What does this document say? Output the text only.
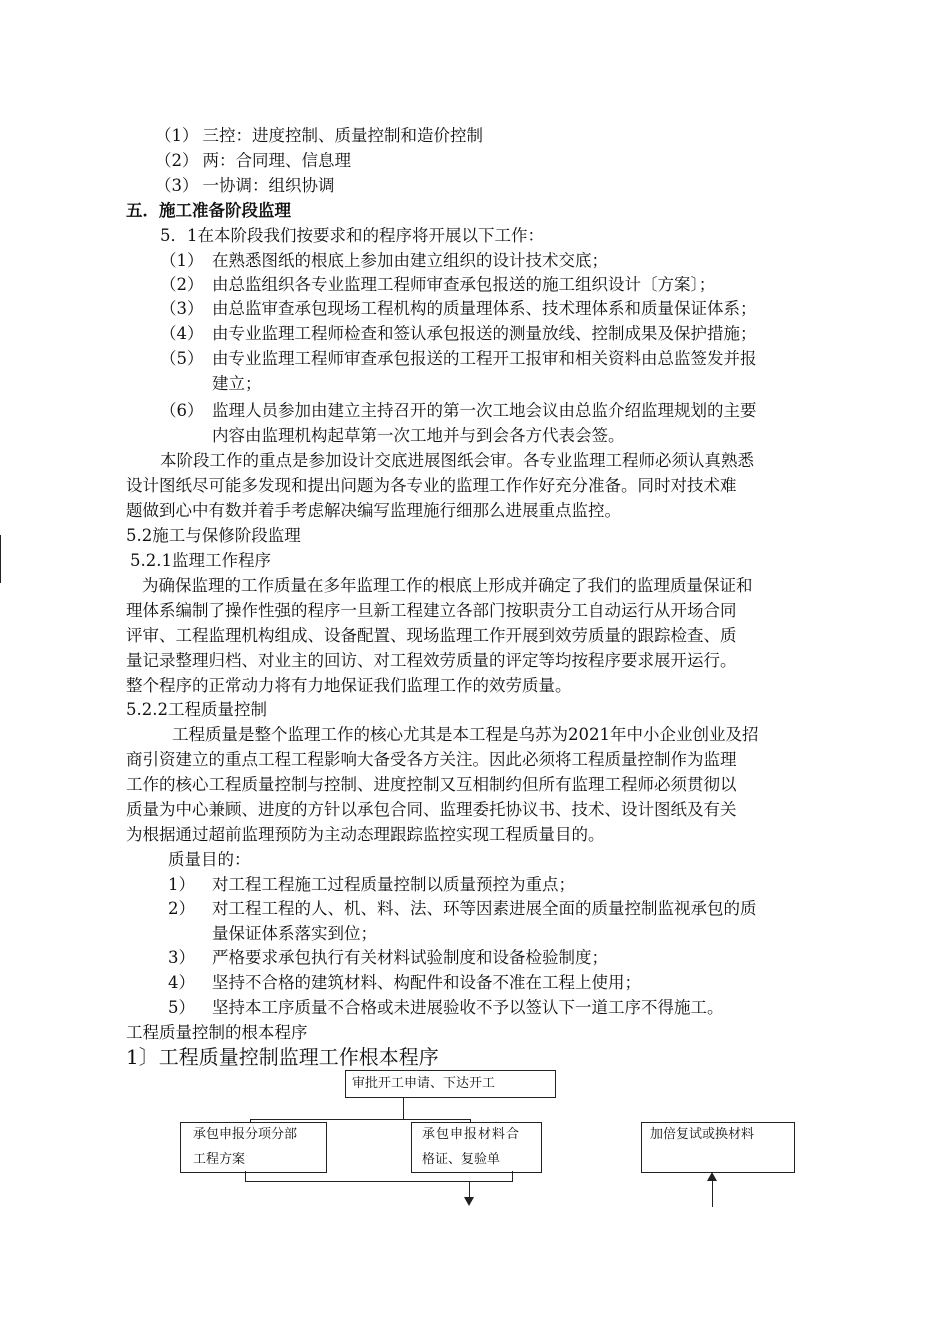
（1） 三控：进度控制、质量控制和造价控制
（2） 两：合同理、信息理
（3） 一协调：组织协调
五．施工准备阶段监理
5．1在本阶段我们按要求和的程序将开展以下工作：
（1） 在熟悉图纸的根底上参加由建立组织的设计技术交底；
（2） 由总监组织各专业监理工程师审查承包报送的施工组织设计〔方案〕；
（3） 由总监审查承包现场工程机构的质量理体系、技术理体系和质量保证体系；
（4） 由专业监理工程师检查和签认承包报送的测量放线、控制成果及保护措施；
（5） 由专业监理工程师审查承包报送的工程开工报审和相关资料由总监签发并报
建立；
（6） 监理人员参加由建立主持召开的第一次工地会议由总监介绍监理规划的主要
内容由监理机构起草第一次工地并与到会各方代表会签。
本阶段工作的重点是参加设计交底进展图纸会审。各专业监理工程师必须认真熟悉
设计图纸尽可能多发现和提出问题为各专业的监理工作作好充分准备。同时对技术难
题做到心中有数并着手考虑解决编写监理施行细那么进展重点监控。
5.2施工与保修阶段监理
5.2.1监理工作程序
为确保监理的工作质量在多年监理工作的根底上形成并确定了我们的监理质量保证和
理体系编制了操作性强的程序一旦新工程建立各部门按职责分工自动运行从开场合同
评审、工程监理机构组成、设备配置、现场监理工作开展到效劳质量的跟踪检查、质
量记录整理归档、对业主的回访、对工程效劳质量的评定等均按程序要求展开运行。
整个程序的正常动力将有力地保证我们监理工作的效劳质量。
5.2.2工程质量控制
工程质量是整个监理工作的核心尤其是本工程是乌苏为2021年中小企业创业及招
商引资建立的重点工程工程影响大备受各方关注。因此必须将工程质量控制作为监理
工作的核心工程质量控制与控制、进度控制又互相制约但所有监理工程师必须贯彻以
质量为中心兼顾、进度的方针以承包合同、监理委托协议书、技术、设计图纸及有关
为根据通过超前监理预防为主动态理跟踪监控实现工程质量目的。
质量目的：
1） 对工程工程施工过程质量控制以质量预控为重点；
2） 对工程工程的人、机、料、法、环等因素进展全面的质量控制监视承包的质
量保证体系落实到位；
3） 严格要求承包执行有关材料试验制度和设备检验制度；
4） 坚持不合格的建筑材料、构配件和设备不准在工程上使用；
5） 坚持本工序质量不合格或未进展验收不予以签认下一道工序不得施工。
工程质量控制的根本程序
1〕工程质量控制监理工作根本程序
审批开工申请、下达开工
承包申报分项分部
工程方案
承包申报材料合
格证、复验单
加倍复试或换材料
